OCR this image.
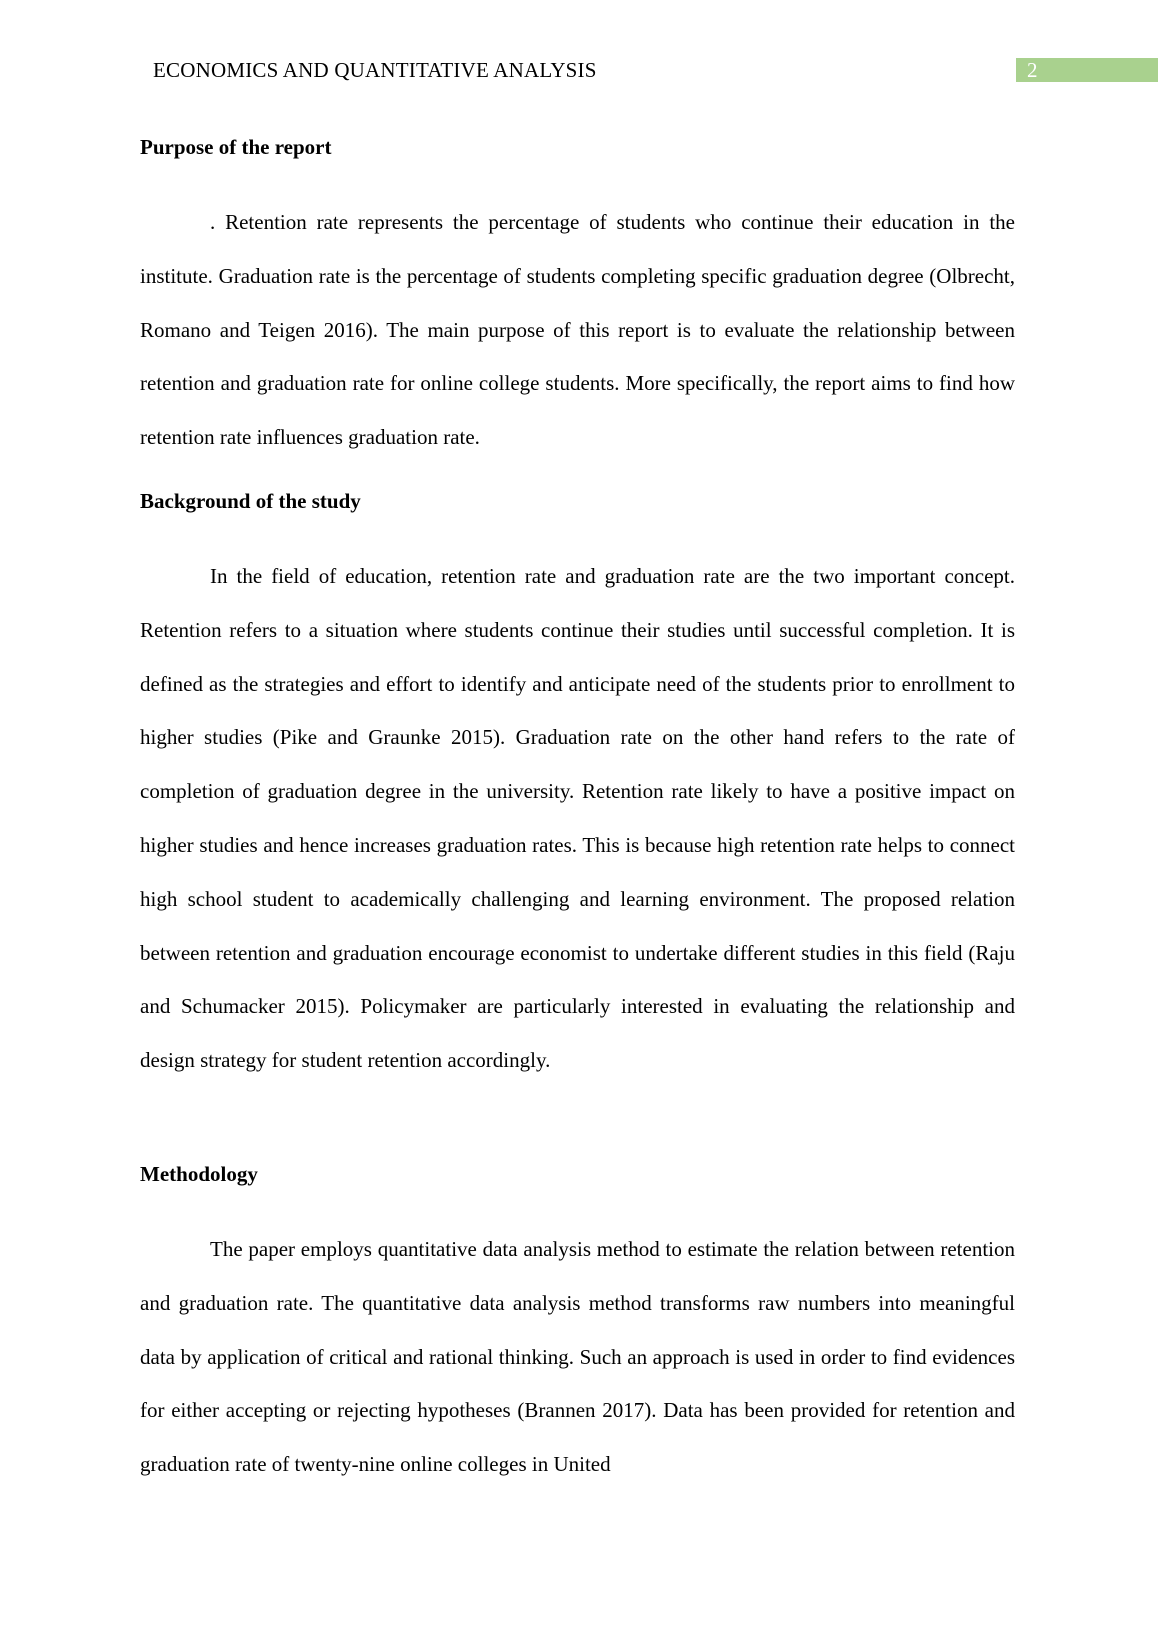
ECONOMICS AND QUANTITATIVE ANALYSIS	2
Purpose of the report

. Retention rate represents the percentage of students who continue their education in the institute. Graduation rate is the percentage of students completing specific graduation degree (Olbrecht, Romano and Teigen 2016). The main purpose of this report is to evaluate the relationship between retention and graduation rate for online college students. More specifically, the report aims to find how retention rate influences graduation rate.

Background of the study

In the field of education, retention rate and graduation rate are the two important concept. Retention refers to a situation where students continue their studies until successful completion. It is defined as the strategies and effort to identify and anticipate need of the students prior to enrollment to higher studies (Pike and Graunke 2015). Graduation rate on the other hand refers to the rate of completion of graduation degree in the university. Retention rate likely to have a positive impact on higher studies and hence increases graduation rates. This is because high retention rate helps to connect high school student to academically challenging and learning environment. The proposed relation between retention and graduation encourage economist to undertake different studies in this field (Raju and Schumacker 2015). Policymaker are particularly interested in evaluating the relationship and design strategy for student retention accordingly.

Methodology

The paper employs quantitative data analysis method to estimate the relation between retention and graduation rate. The quantitative data analysis method transforms raw numbers into meaningful data by application of critical and rational thinking. Such an approach is used in order to find evidences for either accepting or rejecting hypotheses (Brannen 2017). Data has been provided for retention and graduation rate of twenty-nine online colleges in United
